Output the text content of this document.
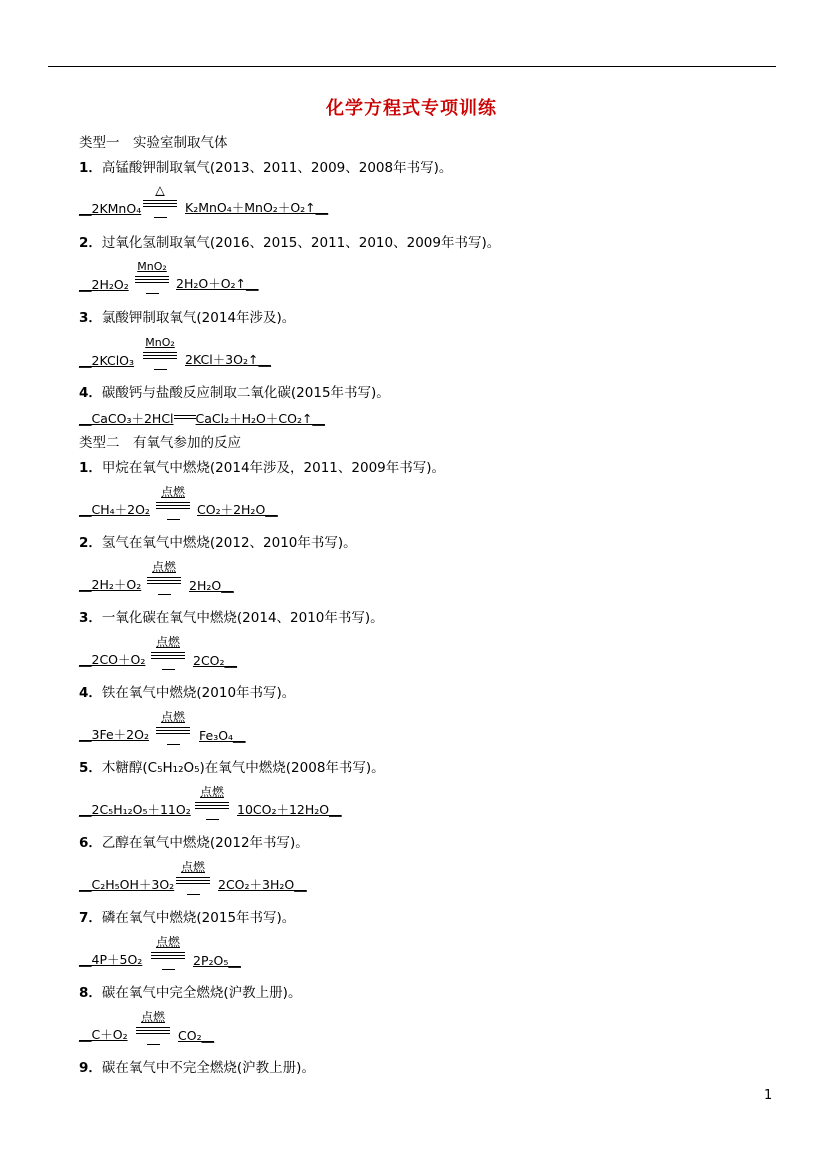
化学方程式专项训练
类型一　实验室制取气体
1．高锰酸钾制取氧气(2013、2011、2009、2008年书写)。
__2KMnO₄
△
K₂MnO₄＋MnO₂＋O₂↑__
2．过氧化氢制取氧气(2016、2015、2011、2010、2009年书写)。
__2H₂O₂
MnO₂
2H₂O＋O₂↑__
3．氯酸钾制取氧气(2014年涉及)。
__2KClO₃
MnO₂
2KCl＋3O₂↑__
4．碳酸钙与盐酸反应制取二氧化碳(2015年书写)。
__CaCO₃＋2HCl CaCl₂＋H₂O＋CO₂↑__
类型二　有氧气参加的反应
1．甲烷在氧气中燃烧(2014年涉及，2011、2009年书写)。
__CH₄＋2O₂
点燃
CO₂＋2H₂O__
2．氢气在氧气中燃烧(2012、2010年书写)。
__2H₂＋O₂
点燃
2H₂O__
3．一氧化碳在氧气中燃烧(2014、2010年书写)。
__2CO＋O₂
点燃
2CO₂__
4．铁在氧气中燃烧(2010年书写)。
__3Fe＋2O₂
点燃
Fe₃O₄__
5．木糖醇(C₅H₁₂O₅)在氧气中燃烧(2008年书写)。
__2C₅H₁₂O₅＋11O₂
点燃
10CO₂＋12H₂O__
6．乙醇在氧气中燃烧(2012年书写)。
__C₂H₅OH＋3O₂
点燃
2CO₂＋3H₂O__
7．磷在氧气中燃烧(2015年书写)。
__4P＋5O₂
点燃
2P₂O₅__
8．碳在氧气中完全燃烧(沪教上册)。
__C＋O₂
点燃
CO₂__
9．碳在氧气中不完全燃烧(沪教上册)。
1
